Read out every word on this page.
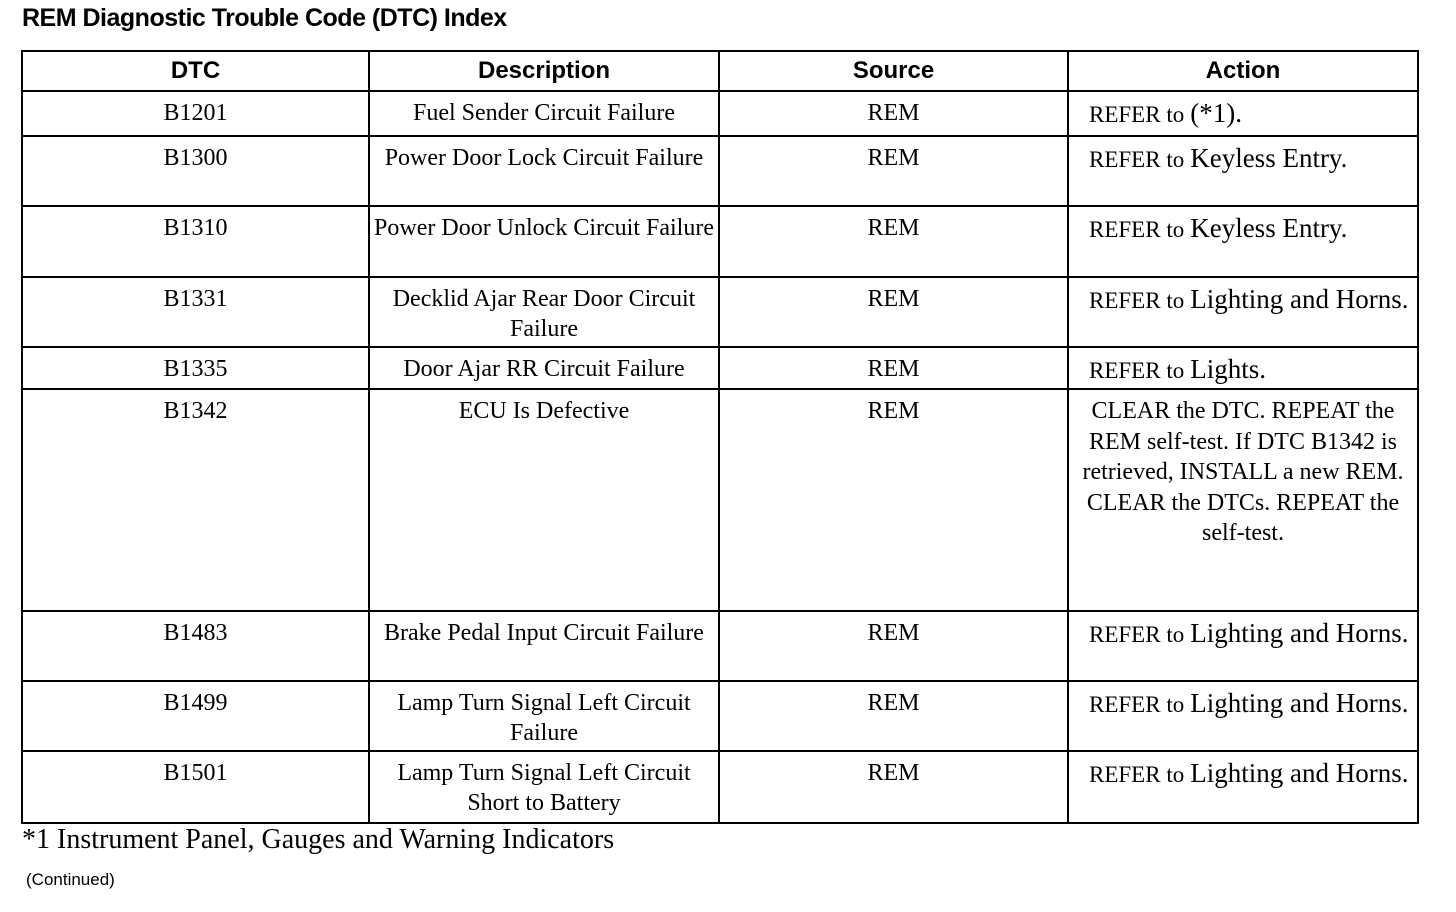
REM Diagnostic Trouble Code (DTC) Index
DTC	Description	Source	Action
B1201	Fuel Sender Circuit Failure	REM	REFER to (*1).
B1300	Power Door Lock Circuit Failure	REM	REFER to Keyless Entry.
B1310	Power Door Unlock Circuit Failure	REM	REFER to Keyless Entry.
B1331	Decklid Ajar Rear Door Circuit Failure	REM	REFER to Lighting and Horns.
B1335	Door Ajar RR Circuit Failure	REM	REFER to Lights.
B1342	ECU Is Defective	REM	CLEAR the DTC. REPEAT the REM self-test. If DTC B1342 is retrieved, INSTALL a new REM. CLEAR the DTCs. REPEAT the self-test.
B1483	Brake Pedal Input Circuit Failure	REM	REFER to Lighting and Horns.
B1499	Lamp Turn Signal Left Circuit Failure	REM	REFER to Lighting and Horns.
B1501	Lamp Turn Signal Left Circuit Short to Battery	REM	REFER to Lighting and Horns.
*1 Instrument Panel, Gauges and Warning Indicators
(Continued)
